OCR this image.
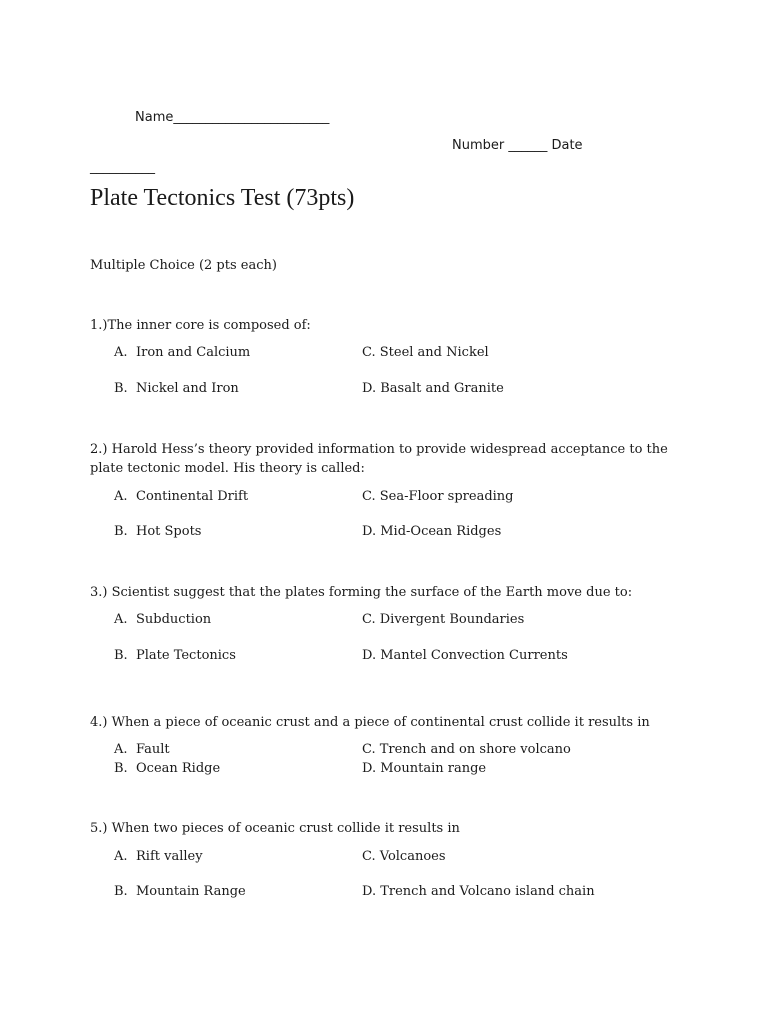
Name________________________
Number ______ Date
__________
Plate Tectonics Test (73pts)
Multiple Choice (2 pts each)
1.)The inner core is composed of:
A. Iron and Calcium	C. Steel and Nickel
B. Nickel and Iron	D. Basalt and Granite
2.) Harold Hess’s theory provided information to provide widespread acceptance to the plate tectonic model. His theory is called:
A. Continental Drift	C. Sea-Floor spreading
B. Hot Spots	D. Mid-Ocean Ridges
3.) Scientist suggest that the plates forming the surface of the Earth move due to:
A. Subduction	C. Divergent Boundaries
B. Plate Tectonics	D. Mantel Convection Currents
4.) When a piece of oceanic crust and a piece of continental crust collide it results in
A. Fault	C. Trench and on shore volcano
B. Ocean Ridge	D. Mountain range
5.) When two pieces of oceanic crust collide it results in
A. Rift valley	C. Volcanoes
B. Mountain Range	D. Trench and Volcano island chain
